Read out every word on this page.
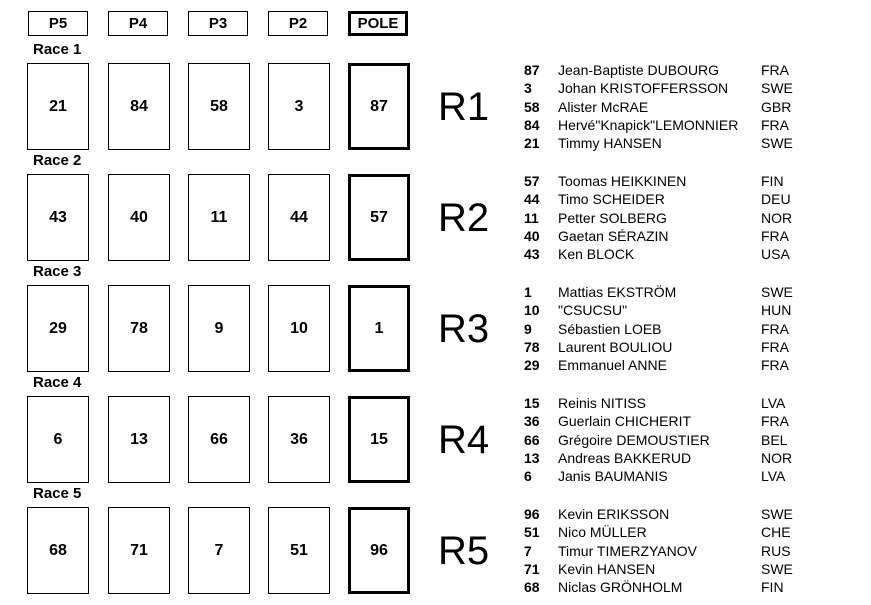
P5	P4	P3	P2	POLE
Race 1
21	84	58	3	87	R1
87 Jean-Baptiste DUBOURG	FRA
3 Johan KRISTOFFERSSON SWE
58 Alister McRAE	GBR
84 Hervé"Knapick"LEMONNIER FRA
21 Timmy HANSEN	SWE
Race 2
43	40	11	44	57	R2
57 Toomas HEIKKINEN	FIN
44 Timo SCHEIDER	DEU
11 Petter SOLBERG	NOR
40 Gaetan SÉRAZIN	FRA
43 Ken BLOCK	USA
Race 3
29	78	9	10	1	R3
1 Mattias EKSTRÖM	SWE
10 "CSUCSU"	HUN
9 Sébastien LOEB	FRA
78 Laurent BOULIOU	FRA
29 Emmanuel ANNE	FRA
Race 4
6	13	66	36	15	R4
15 Reinis NITISS	LVA
36 Guerlain CHICHERIT	FRA
66 Grégoire DEMOUSTIER	BEL
13 Andreas BAKKERUD	NOR
6 Janis BAUMANIS	LVA
Race 5
68	71	7	51	96	R5
96 Kevin ERIKSSON	SWE
51 Nico MÜLLER	CHE
7 Timur TIMERZYANOV	RUS
71 Kevin HANSEN	SWE
68 Niclas GRÖNHOLM	FIN
